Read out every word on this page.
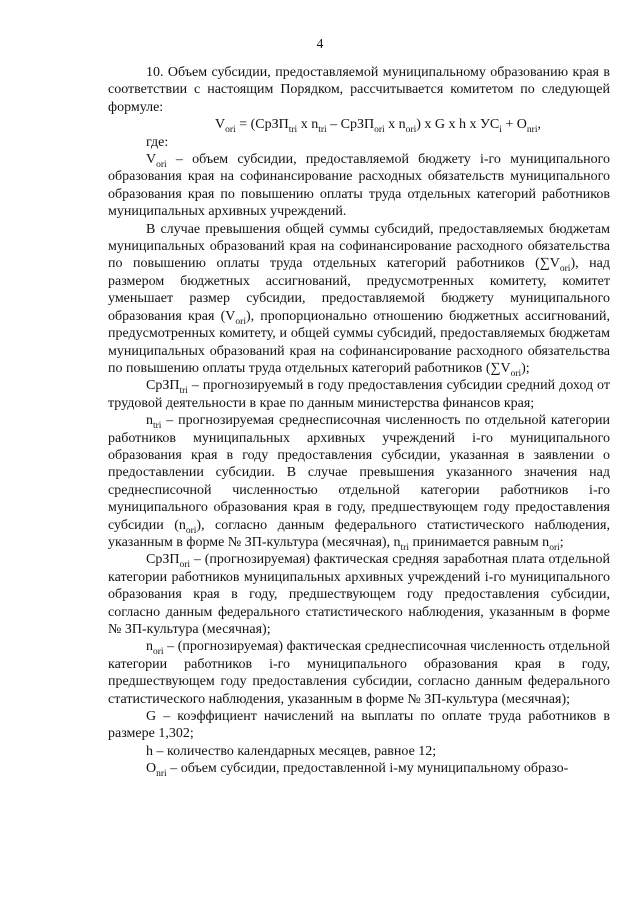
4

10. Объем субсидии, предоставляемой муниципальному образованию края в соответствии с настоящим Порядком, рассчитывается комитетом по следующей формуле:

$V_{ori}$ = (СрЗП$_{tri}$ x $n_{tri}$ – СрЗП$_{ori}$ x $n_{ori}$) x G x h x $УС_i + O_{nri}$,

где:

$V_{ori}$ – объем субсидии, предоставляемой бюджету i-го муниципального образования края на софинансирование расходных обязательств муниципального образования края по повышению оплаты труда отдельных категорий работников муниципальных архивных учреждений.

В случае превышения общей суммы субсидий, предоставляемых бюджетам муниципальных образований края на софинансирование расходного обязательства по повышению оплаты труда отдельных категорий работников $(\sum V_{ori})$, над размером бюджетных ассигнований, предусмотренных комитету, комитет уменьшает размер субсидии, предоставляемой бюджету муниципального образования края $(V_{ori})$, пропорционально отношению бюджетных ассигнований, предусмотренных комитету, и общей суммы субсидий, предоставляемых бюджетам муниципальных образований края на софинансирование расходного обязательства по повышению оплаты труда отдельных категорий работников $(\sum V_{ori})$;

СрЗП$_{tri}$ – прогнозируемый в году предоставления субсидии средний доход от трудовой деятельности в крае по данным министерства финансов края;

$n_{tri}$ – прогнозируемая среднесписочная численность по отдельной категории работников муниципальных архивных учреждений i-го муниципального образования края в году предоставления субсидии, указанная в заявлении о предоставлении субсидии. В случае превышения указанного значения над среднесписочной численностью отдельной категории работников i-го муниципального образования края в году, предшествующем году предоставления субсидии $(n_{ori})$, согласно данным федерального статистического наблюдения, указанным в форме № ЗП-культура (месячная), $n_{tri}$ принимается равным $n_{ori}$;

СрЗП$_{ori}$ – (прогнозируемая) фактическая средняя заработная плата отдельной категории работников муниципальных архивных учреждений i-го муниципального образования края в году, предшествующем году предоставления субсидии, согласно данным федерального статистического наблюдения, указанным в форме № ЗП-культура (месячная);

$n_{ori}$ – (прогнозируемая) фактическая среднесписочная численность отдельной категории работников i-го муниципального образования края в году, предшествующем году предоставления субсидии, согласно данным федерального статистического наблюдения, указанным в форме № ЗП-культура (месячная);

G – коэффициент начислений на выплаты по оплате труда работников в размере 1,302;

h – количество календарных месяцев, равное 12;

$O_{nri}$ – объем субсидии, предоставленной i-му муниципальному образо-
